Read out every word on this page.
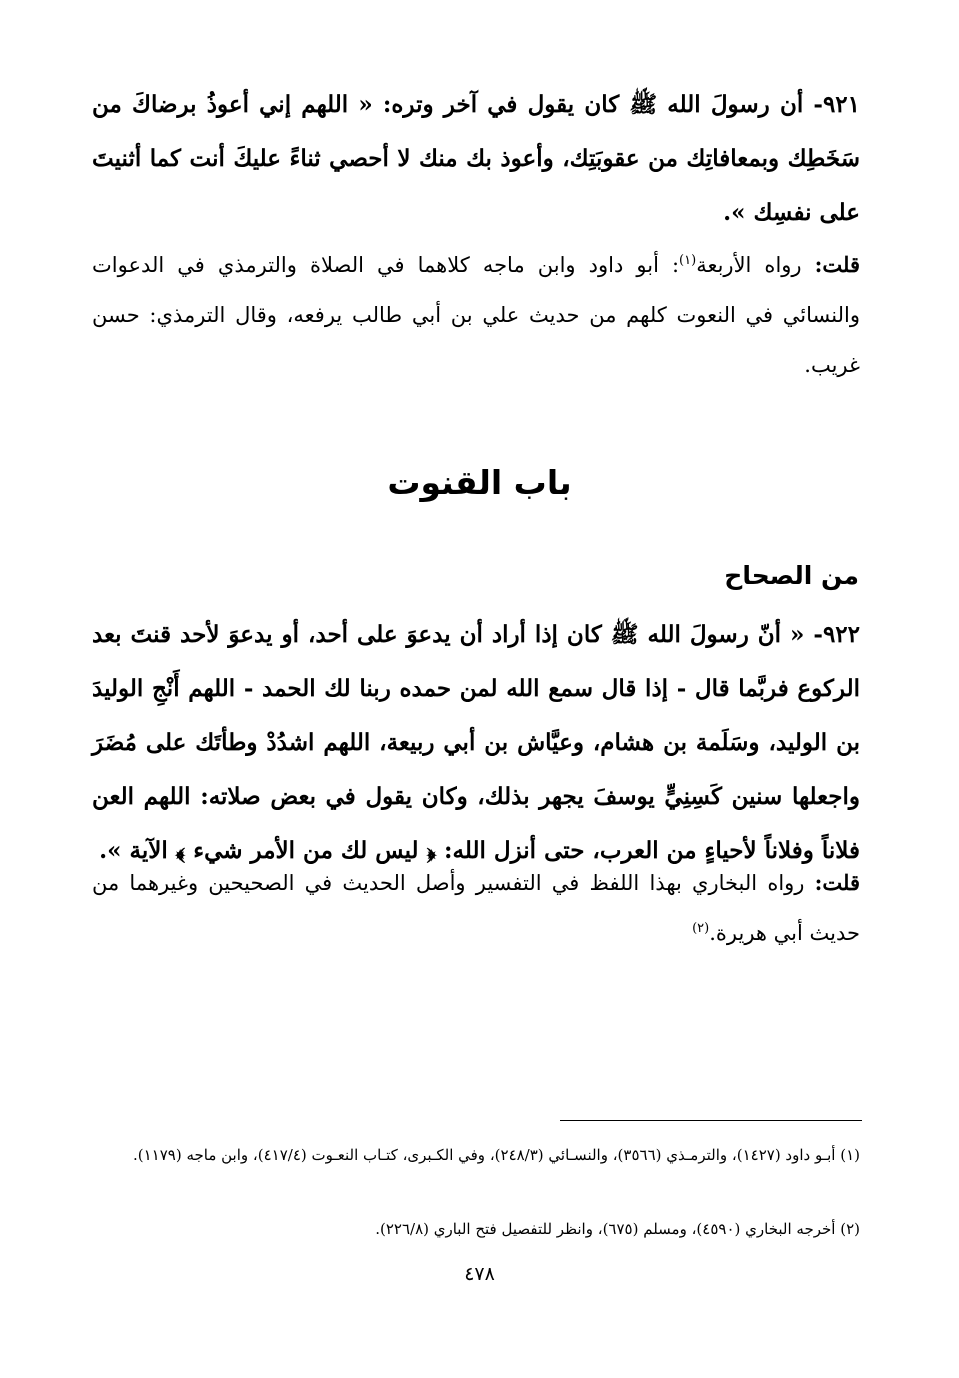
٩٢١- أن رسولَ الله ﷺ كان يقول في آخر وتره: « اللهم إني أعوذُ برضاكَ من سَخَطِك وبمعافاتِك من عقوبَتِك، وأعوذ بك منك لا أحصي ثناءً عليكَ أنت كما أثنيتَ على نفسِك ».

قلت: رواه الأربعة$^{(١)}$: أبو داود وابن ماجه كلاهما في الصلاة والترمذي في الدعوات والنسائي في النعوت كلهم من حديث علي بن أبي طالب يرفعه، وقال الترمذي: حسن غريب.

باب القنوت
من الصحاح

٩٢٢- « أنّ رسولَ الله ﷺ كان إذا أراد أن يدعوَ على أحد، أو يدعوَ لأحد قنتَ بعد الركوع فربَّما قال - إذا قال سمع الله لمن حمده ربنا لك الحمد - اللهم أَنْجِ الوليدَ بن الوليد، وسَلَمة بن هشام، وعيَّاش بن أبي ربيعة، اللهم اشدُدْ وطأتَك على مُضَرَ واجعلها سنين كَسِنِيٍّ يوسفَ يجهر بذلك، وكان يقول في بعض صلاته: اللهم العن فلاناً وفلاناً لأحياءٍ من العرب، حتى أنزل الله: ﴿ ليس لك من الأمر شيء ﴾ الآية ».

قلت: رواه البخاري بهذا اللفظ في التفسير وأصل الحديث في الصحيحين وغيرهما من حديث أبي هريرة.$^{(٢)}$

(١) أبـو داود (١٤٢٧)، والترمـذي (٣٥٦٦)، والنسـائي (٢٤٨/٣)، وفي الكـبرى، كتـاب النعـوت (٤١٧/٤)، وابن ماجه (١١٧٩).

(٢) أخرجه البخاري (٤٥٩٠)، ومسلم (٦٧٥)، وانظر للتفصيل فتح الباري (٢٢٦/٨).

٤٧٨
